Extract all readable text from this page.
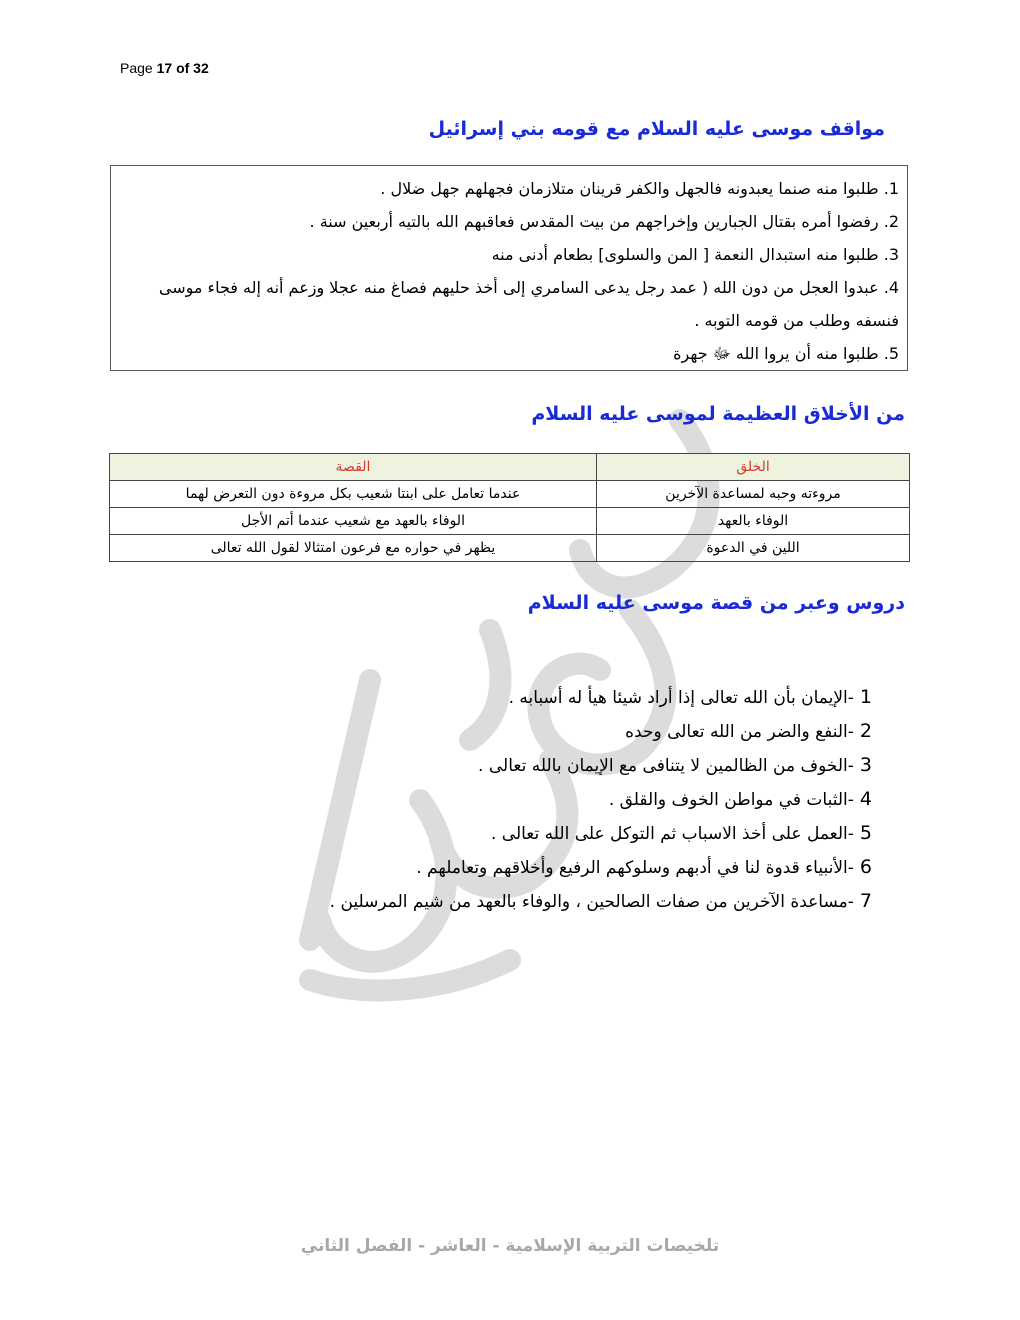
Page 17 of 32
مواقف موسى عليه السلام مع قومه بني إسرائيل

1. طلبوا منه صنما يعبدونه فالجهل والكفر قرينان متلازمان فجهلهم جهل ضلال .

2. رفضوا أمره بقتال الجبارين وإخراجهم من بيت المقدس فعاقبهم الله بالتيه أربعين سنة .

3. طلبوا منه استبدال النعمة [ المن والسلوى] بطعام أدنى منه

4. عبدوا العجل من دون الله ( عمد رجل يدعى السامري إلى أخذ حليهم فصاغ منه عجلا وزعم أنه إله فجاء موسى فنسفه وطلب من قومه التوبه .

5. طلبوا منه أن يروا الله ﷻ جهرة

من الأخلاق العظيمة لموسى عليه السلام
الخلق	القصة
مروءته وحبه لمساعدة الآخرين	عندما تعامل على ابنتا شعيب بكل مروءة دون التعرض لهما
الوفاء بالعهد	الوفاء بالعهد مع شعيب عندما أتم الأجل
اللين في الدعوة	يظهر في حواره مع فرعون امتثالا لقول الله تعالى
دروس وعبر من قصة موسى عليه السلام
1-الإيمان بأن الله تعالى إذا أراد شيئا هيأ له أسبابه .
2-النفع والضر من الله تعالى وحده
3-الخوف من الظالمين لا يتنافى مع الإيمان بالله تعالى .
4-الثبات في مواطن الخوف والقلق .
5-العمل على أخذ الاسباب ثم التوكل على الله تعالى .
6-الأنبياء قدوة لنا في أدبهم وسلوكهم الرفيع وأخلاقهم وتعاملهم .
7-مساعدة الآخرين من صفات الصالحين ، والوفاء بالعهد من شيم المرسلين .
تلخيصات التربية الإسلامية - العاشر - الفصل الثاني
